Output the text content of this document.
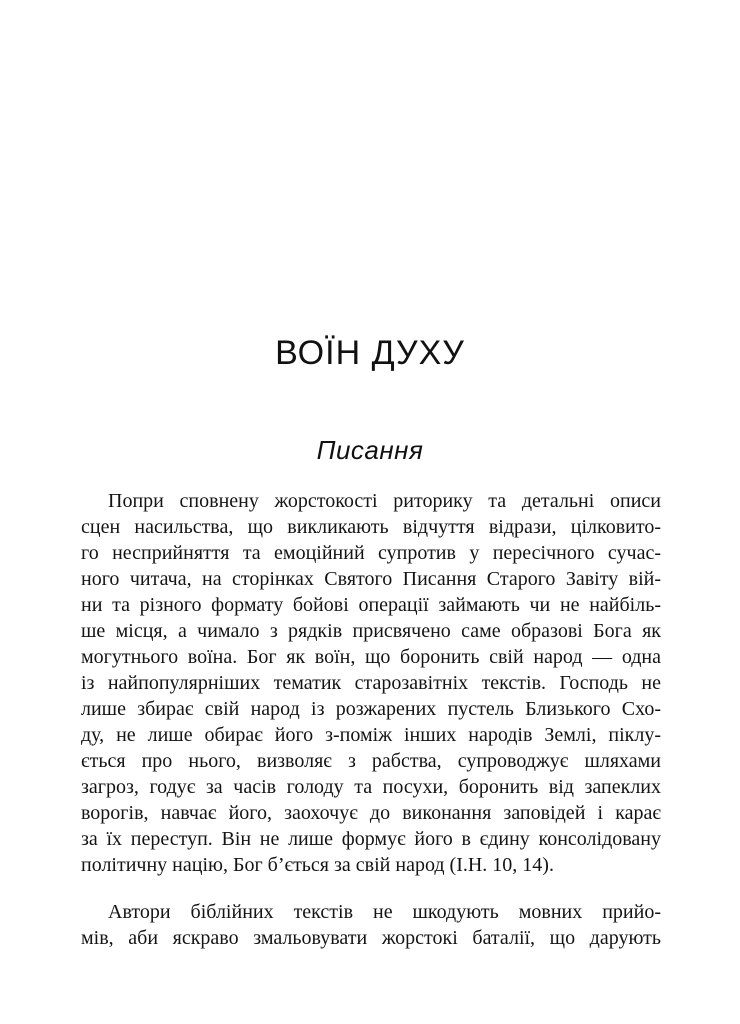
ВОЇН ДУХУ
Писання
Попри сповнену жорстокості риторику та детальні описи
сцен насильства, що викликають відчуття відрази, цілковито-
го несприйняття та емоційний супротив у пересічного сучас-
ного читача, на сторінках Святого Писання Старого Завіту вій-
ни та різного формату бойові операції займають чи не найбіль-
ше місця, а чимало з рядків присвячено саме образові Бога як
могутнього воїна. Бог як воїн, що боронить свій народ — одна
із найпопулярніших тематик старозавітніх текстів. Господь не
лише збирає свій народ із розжарених пустель Близького Схо-
ду, не лише обирає його з-поміж інших народів Землі, піклу-
ється про нього, визволяє з рабства, супроводжує шляхами
загроз, годує за часів голоду та посухи, боронить від запеклих
ворогів, навчає його, заохочує до виконання заповідей і карає
за їх переступ. Він не лише формує його в єдину консолідовану
політичну націю, Бог б’ється за свій народ (І.Н. 10, 14).
Автори біблійних текстів не шкодують мовних прийо-
мів, аби яскраво змальовувати жорстокі баталії, що дарують
